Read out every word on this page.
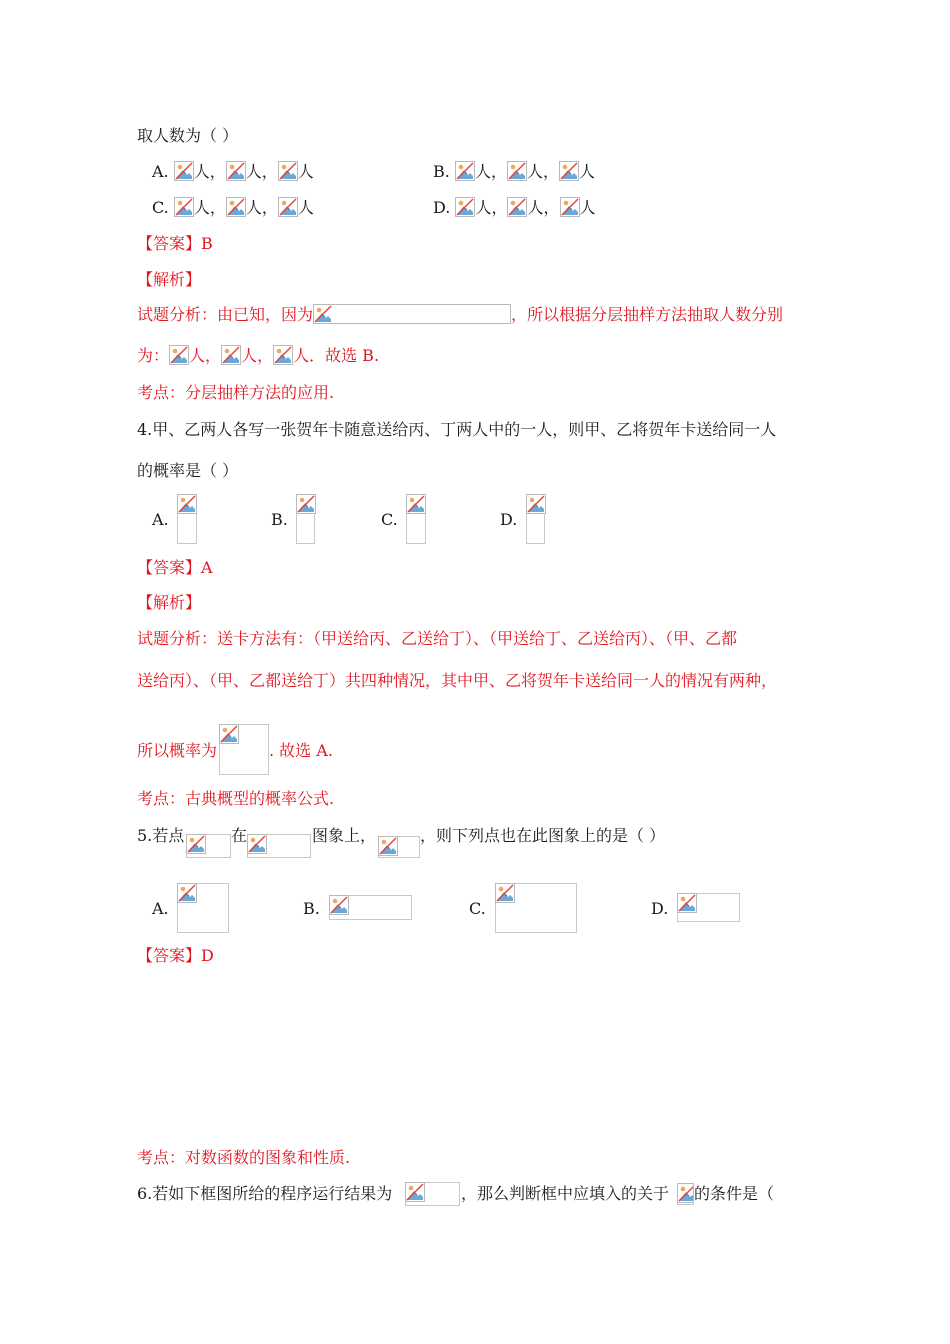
取人数为（ ）
A. 人， 人， 人	B. 人， 人， 人
C. 人， 人， 人	D. 人， 人， 人
【答案】B
【解析】
试题分析：由已知，因为	，所以根据分层抽样方法抽取人数分别
为： 人， 人， 人．故选 B.
考点：分层抽样方法的应用.
4.甲、乙两人各写一张贺年卡随意送给丙、丁两人中的一人，则甲、乙将贺年卡送给同一人
的概率是（ ）
A.	B.	C.	D.
【答案】A
【解析】
试题分析：送卡方法有：（甲送给丙、乙送给丁）、（甲送给丁、乙送给丙）、（甲、乙都
送给丙）、（甲、乙都送给丁）共四种情况，其中甲、乙将贺年卡送给同一人的情况有两种，
所以概率为	. 故选 A.
考点：古典概型的概率公式.
5.若点	在	图象上，	，则下列点也在此图象上的是（ ）
A.	B.	C.	D.
【答案】D
考点：对数函数的图象和性质.
6.若如下框图所给的程序运行结果为	，那么判断框中应填入的关于 的条件是（
